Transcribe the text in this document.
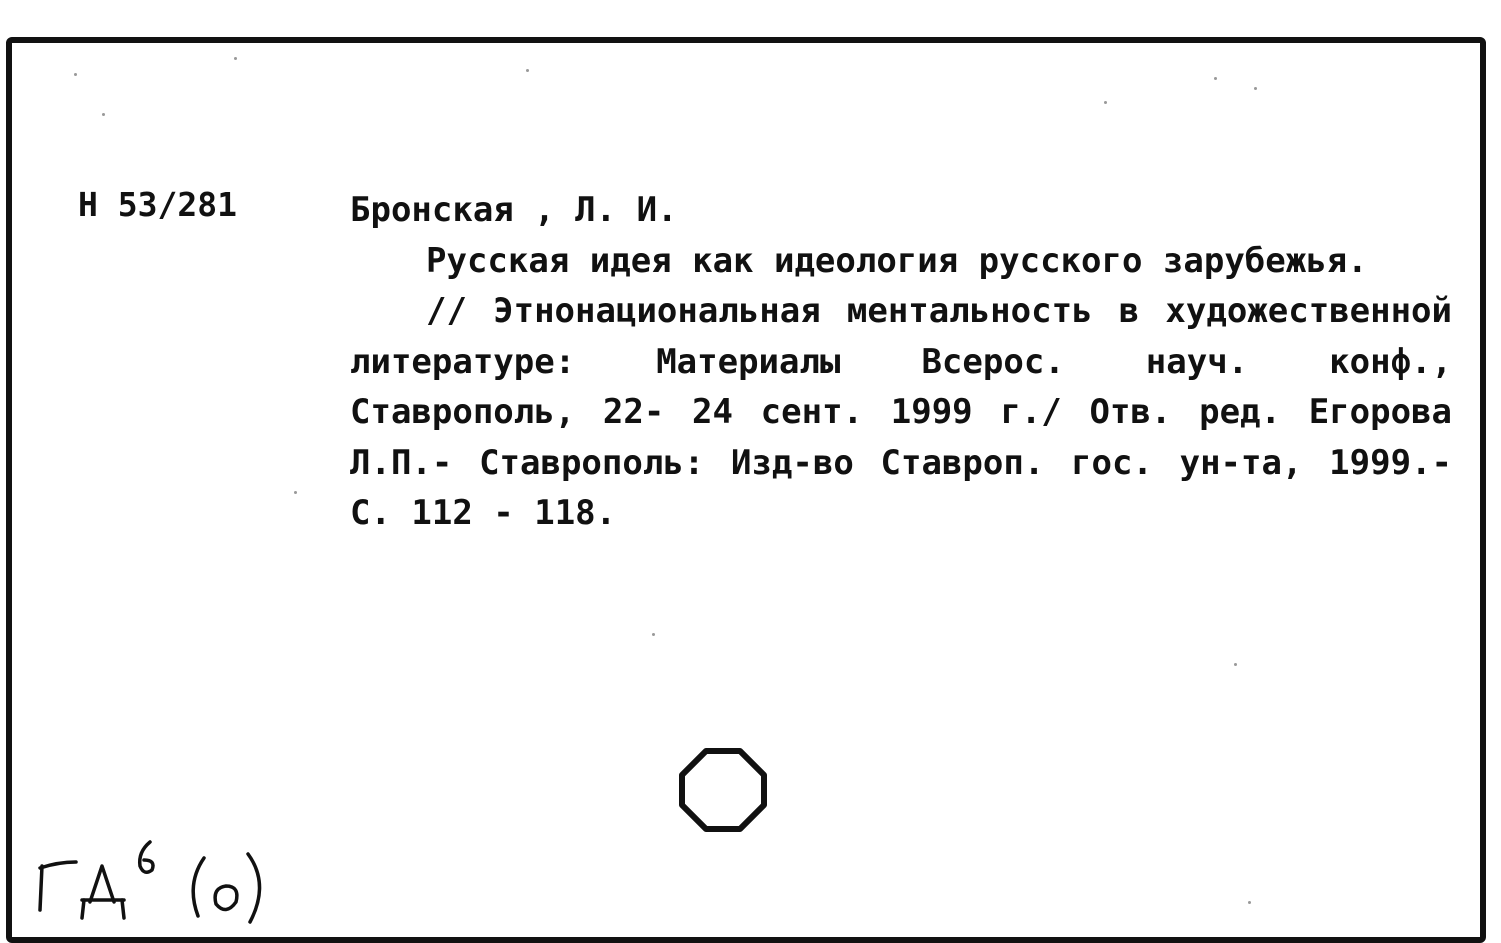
Н 53/281	Бронская , Л. И.

Русская идея как идеология русского зарубежья.

// Этнонациональная ментальность в художественной литературе: Материалы Всерос. науч. конф., Ставрополь, 22- 24 сент. 1999 г./ Отв. ред. Егорова Л.П.- Ставрополь: Изд-во Ставроп. гос. ун-та, 1999.-С. 112 - 118.
